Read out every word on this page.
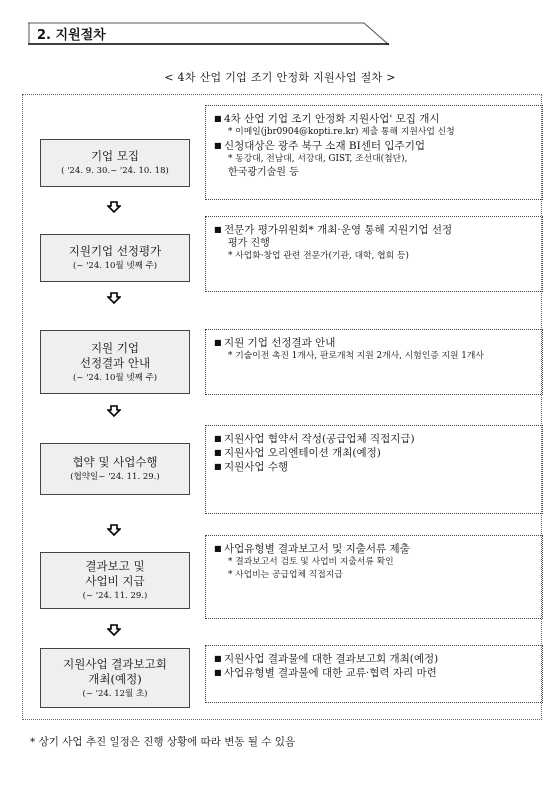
2. 지원절차
< 4차 산업 기업 조기 안정화 지원사업 절차 >
기업 모집
( '24. 9. 30.~ '24. 10. 18)
■ 4차 산업 기업 조기 안정화 지원사업' 모집 개시
* 이메일(jbr0904@kopti.re.kr) 제출 통해 지원사업 신청
■ 신청대상은 광주 북구 소재 BI센터 입주기업
* 동강대, 전남대, 서강대, GIST, 조선대(첨단),
한국광기술원 등
지원기업 선정평가
(~ '24. 10월 넷째 주)
■ 전문가 평가위원회* 개최·운영 통해 지원기업 선정
평가 진행
* 사업화·창업 관련 전문가(기관, 대학, 협회 등)
지원 기업
선정결과 안내
(~ '24. 10월 넷째 주)
■ 지원 기업 선정결과 안내
* 기술이전 촉진 1개사, 판로개척 지원 2개사, 시험인증 지원 1개사
협약 및 사업수행
(협약일~ '24. 11. 29.)
■ 지원사업 협약서 작성(공급업체 직접지급)
■ 지원사업 오리엔테이션 개최(예정)
■ 지원사업 수행
결과보고 및
사업비 지급
(~ '24. 11. 29.)
■ 사업유형별 결과보고서 및 지출서류 제출
* 결과보고서 검토 및 사업비 지출서류 확인
* 사업비는 공급업체 직접지급
지원사업 결과보고회
개최(예정)
(~ '24. 12월 초)
■ 지원사업 결과물에 대한 결과보고회 개최(예정)
■ 사업유형별 결과물에 대한 교류·협력 자리 마련
* 상기 사업 추진 일정은 진행 상황에 따라 변동 될 수 있음
